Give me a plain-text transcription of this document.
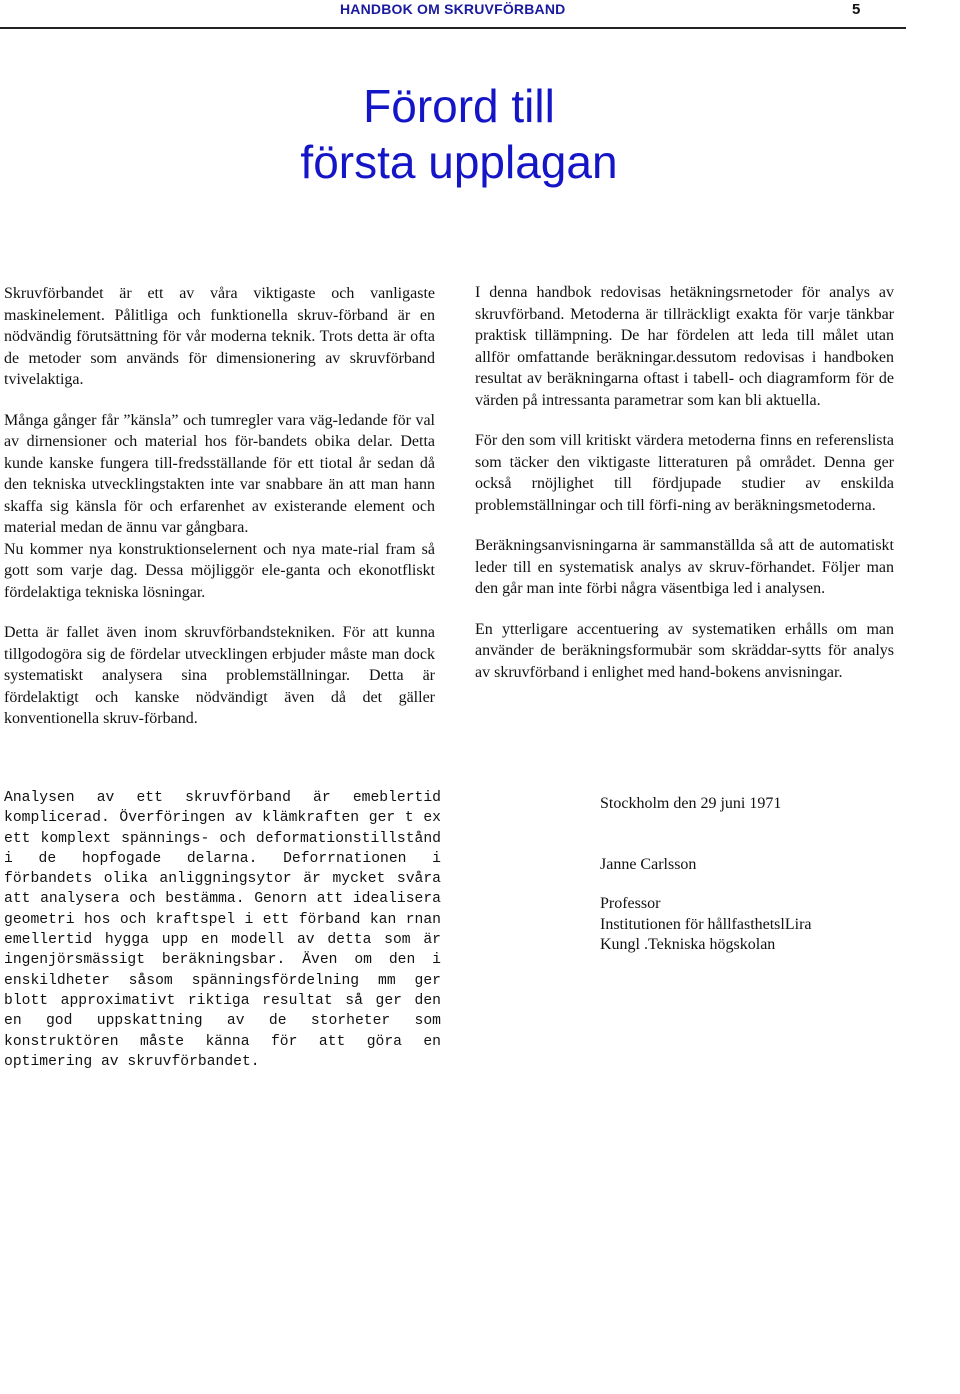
HANDBOK OM SKRUVFÖRBAND	5
Förord till
första upplagan

Skruvförbandet är ett av våra viktigaste och vanligaste maskinelement. Pålitliga och funktionella skruv-förband är en nödvändig förutsättning för vår moderna teknik. Trots detta är ofta de metoder som används för dimensionering av skruvförband tvivelaktiga.

Många gånger får ”känsla” och tumregler vara väg-ledande för val av dirnensioner och material hos för-bandets obika delar. Detta kunde kanske fungera till-fredsställande för ett tiotal år sedan då den tekniska utvecklingstakten inte var snabbare än att man hann skaffa sig känsla för och erfarenhet av existerande element och material medan de ännu var gångbara.

Nu kommer nya konstruktionselernent och nya mate-rial fram så gott som varje dag. Dessa möjliggör ele-ganta och ekonotfliskt fördelaktiga tekniska lösningar.

Detta är fallet även inom skruvförbandstekniken. För att kunna tillgodogöra sig de fördelar utvecklingen erbjuder måste man dock systematiskt analysera sina problemställningar. Detta är fördelaktigt och kanske nödvändigt även då det gäller konventionella skruv-förband.

Analysen av ett skruvförband är emeblertid komplicerad. Överföringen av klämkraften ger t ex ett komplext spännings- och deformationstillstånd i de hopfogade delarna. Deforrnationen i förbandets olika anliggningsytor är mycket svåra att analysera och bestämma. Genorn att idealisera geometri hos och kraftspel i ett förband kan rnan emellertid hygga upp en modell av detta som är ingenjörsmässigt beräkningsbar. Även om den i enskildheter såsom spänningsfördelning mm ger blott approximativt riktiga resultat så ger den en god uppskattning av de storheter som konstruktören måste känna för att göra en optimering av skruvförbandet.

I denna handbok redovisas hetäkningsrnetoder för analys av skruvförband. Metoderna är tillräckligt exakta för varje tänkbar praktisk tillämpning. De har fördelen att leda till målet utan allför omfattande beräkningar.dessutom redovisas i handboken resultat av beräkningarna oftast i tabell- och diagramform för de värden på intressanta parametrar som kan bli aktuella.

För den som vill kritiskt värdera metoderna finns en referenslista som täcker den viktigaste litteraturen på området. Denna ger också rnöjlighet till fördjupade studier av enskilda problemställningar och till förfi-ning av beräkningsmetoderna.

Beräkningsanvisningarna är sammanställda så att de automatiskt leder till en systematisk analys av skruv-förhandet. Följer man den går man inte förbi några väsentbiga led i analysen.

En ytterligare accentuering av systematiken erhålls om man använder de beräkningsformubär som skräddar-sytts för analys av skruvförband i enlighet med hand-bokens anvisningar.

Stockholm den 29 juni 1971
Janne Carlsson
Professor
Institutionen för hållfasthetslLira
Kungl .Tekniska högskolan
